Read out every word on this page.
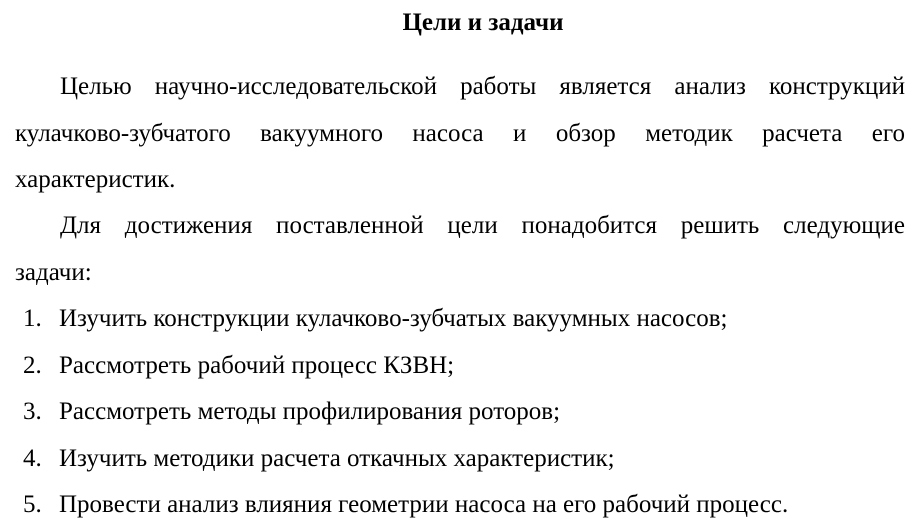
Цели и задачи
Целью научно-исследовательской работы является анализ конструкций
кулачково-зубчатого вакуумного насоса и обзор методик расчета его
характеристик.
Для достижения поставленной цели понадобится решить следующие
задачи:
1. Изучить конструкции кулачково-зубчатых вакуумных насосов;
2. Рассмотреть рабочий процесс КЗВН;
3. Рассмотреть методы профилирования роторов;
4. Изучить методики расчета откачных характеристик;
5. Провести анализ влияния геометрии насоса на его рабочий процесс.
